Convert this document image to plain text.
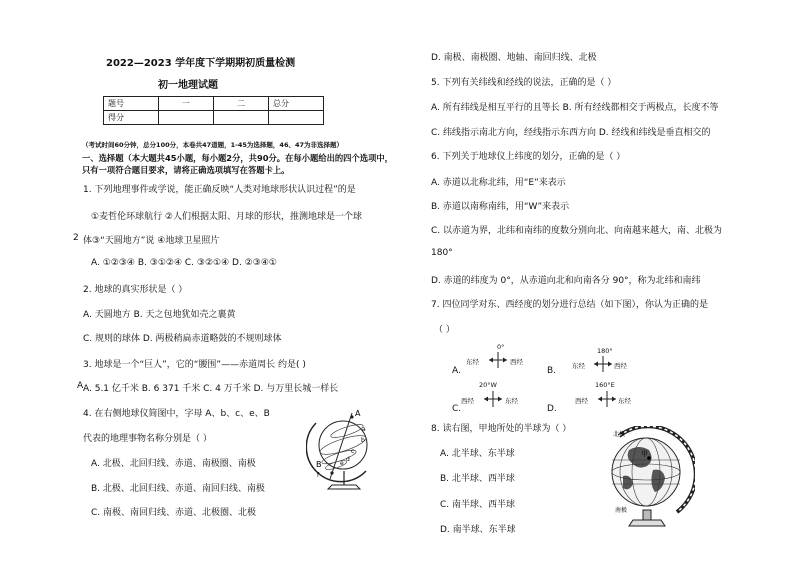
2022—2023 学年度下学期期初质量检测
初一地理试题
题号	一	二	总分
得分			
（考试时间60分钟，总分100分，本卷共47道题，1-45为选择题，46、47为非选择题）
一、选择题（本大题共45小题，每小题2分，共90分。在每小题给出的四个选项中，
只有一项符合题目要求，请将正确选项填写在答题卡上。
2
A
1. 下列地理事件或学说，能正确反映“人类对地球形状认识过程”的是
①麦哲伦环球航行 ②人们根据太阳、月球的形状，推测地球是一个球
体③“天圆地方”说 ④地球卫星照片
A. ①②③④ B. ③①②④ C. ③②①④ D. ②③④①
2. 地球的真实形状是（ ）
A. 天圆地方 B. 天之包地犹如壳之裹黄
C. 规则的球体 D. 两极稍扁赤道略鼓的不规则球体
3. 地球是一个“巨人”，它的“腰围”——赤道周长 约是( )
A. 5.1 亿千米 B. 6 371 千米 C. 4 万千米 D. 与万里长城一样长
4. 在右侧地球仪简图中，字母 A、b、c、e、B
代表的地理事物名称分别是（ ）
A. 北极、北回归线、赤道、南极圈、南极
B. 北极、北回归线、赤道、南回归线、南极
C. 南极、南回归线、赤道、北极圈、北极
A
a
b
c
d
e
B
f
D. 南极、南极圈、地轴、南回归线、北极
5. 下列有关纬线和经线的说法，正确的是（ ）
A. 所有纬线是相互平行的且等长 B. 所有经线都相交于两极点，长度不等
C. 纬线指示南北方向，经线指示东西方向 D. 经线和纬线是垂直相交的
6. 下列关于地球仪上纬度的划分，正确的是（ ）
A. 赤道以北称北纬，用“E”来表示
B. 赤道以南称南纬，用“W”来表示
C. 以赤道为界，北纬和南纬的度数分别向北、向南越来越大，南、北极为
180°
D. 赤道的纬度为 0°，从赤道向北和向南各分 90°，称为北纬和南纬
7. 四位同学对东、西经度的划分进行总结（如下图），你认为正确的是
（ ）
A.
0°
东经	西经
B.
180°
东经	西经
160°E
C.
20°W
西经	东经
D.
西经	东经
8. 读右图，甲地所处的半球为（ ）
A. 北半球、东半球
B. 北半球、西半球
C. 南半球、西半球
D. 南半球、东半球
甲
北极
南极
